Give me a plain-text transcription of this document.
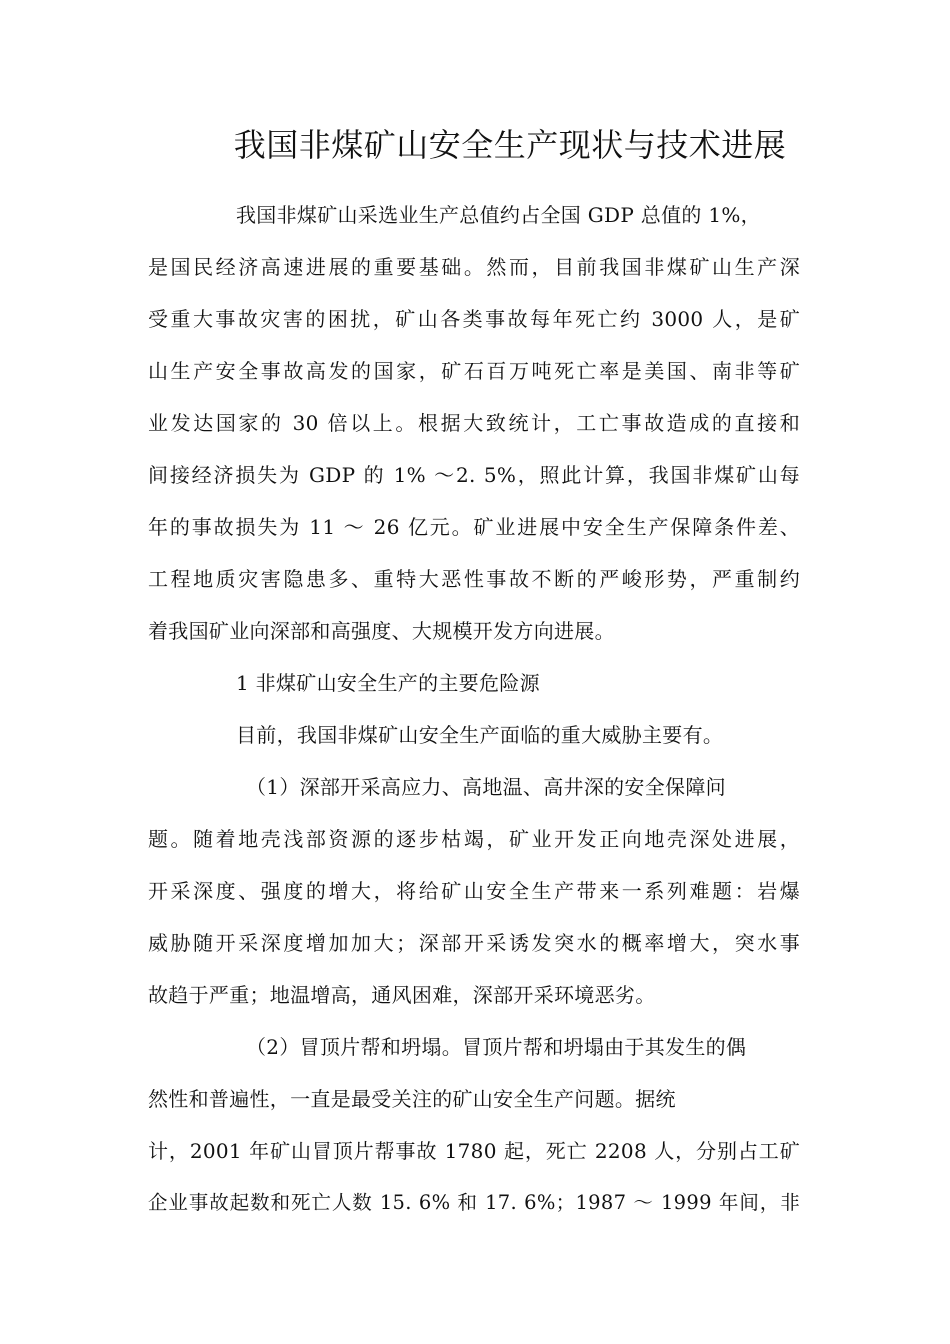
我国非煤矿山安全生产现状与技术进展

我国非煤矿山采选业生产总值约占全国 GDP 总值的 1%，

是国民经济高速进展的重要基础。然而，目前我国非煤矿山生产深

受重大事故灾害的困扰，矿山各类事故每年死亡约 3000 人，是矿

山生产安全事故高发的国家，矿石百万吨死亡率是美国、南非等矿

业发达国家的 30 倍以上。根据大致统计，工亡事故造成的直接和

间接经济损失为 GDP 的 1% ～2. 5%，照此计算，我国非煤矿山每

年的事故损失为 11 ～ 26 亿元。矿业进展中安全生产保障条件差、

工程地质灾害隐患多、重特大恶性事故不断的严峻形势，严重制约

着我国矿业向深部和高强度、大规模开发方向进展。

1 非煤矿山安全生产的主要危险源

目前，我国非煤矿山安全生产面临的重大威胁主要有。

（1）深部开采高应力、高地温、高井深的安全保障问

题。随着地壳浅部资源的逐步枯竭，矿业开发正向地壳深处进展，

开采深度、强度的增大，将给矿山安全生产带来一系列难题：岩爆

威胁随开采深度增加加大；深部开采诱发突水的概率增大，突水事

故趋于严重；地温增高，通风困难，深部开采环境恶劣。

（2）冒顶片帮和坍塌。冒顶片帮和坍塌由于其发生的偶

然性和普遍性，一直是最受关注的矿山安全生产问题。据统

计，2001 年矿山冒顶片帮事故 1780 起，死亡 2208 人，分别占工矿

企业事故起数和死亡人数 15. 6% 和 17. 6%；1987 ～ 1999 年间，非
